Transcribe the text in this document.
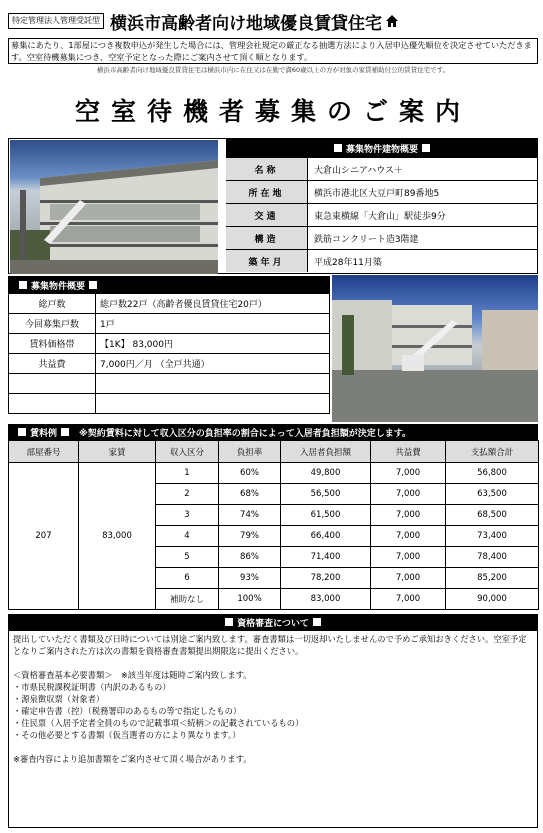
特定管理法人管理受託型 横浜市高齢者向け地域優良賃貸住宅
募集にあたり、1部屋につき複数申込が発生した場合には、管理会社規定の厳正なる抽選方法により入居申込優先順位を決定させていただきます。空室待機募集につき、空室予定となった際にご案内させて頂く順となります。
横浜市高齢者向け地域優良賃貸住宅は横浜市内に在住又は在勤で満60歳以上の方が対象の家賃補助付公的賃貸住宅です。
空室待機者募集のご案内
募集物件建物概要
名称	大倉山シニアハウス＋
所在地	横浜市港北区大豆戸町89番地5
交通	東急東横線「大倉山」駅徒歩9分
構造	鉄筋コンクリート造3階建
築年月	平成28年11月築
募集物件概要
総戸数	総戸数22戸（高齢者優良賃貸住宅20戸）
今回募集戸数	1戸
賃料価格帯	【1K】 83,000円
共益費	7,000円／月 （全戸共通）
賃料例 ※契約賃料に対して収入区分の負担率の割合によって入居者負担額が決定します。
部屋番号	家賃	収入区分	負担率	入居者負担額	共益費	支払額合計
207	83,000	1	60%	49,800	7,000	56,800
		2	68%	56,500	7,000	63,500
		3	74%	61,500	7,000	68,500
		4	79%	66,400	7,000	73,400
		5	86%	71,400	7,000	78,400
		6	93%	78,200	7,000	85,200
		補助なし	100%	83,000	7,000	90,000
資格審査について
提出していただく書類及び日時については別途ご案内致します。審査書類は一切返却いたしませんので予めご承知おきください。空室予定となりご案内された方は次の書類を資格審査書類提出期限迄に提出ください。

＜資格審査基本必要書類＞　※該当年度は随時ご案内致します。
・市県民税課税証明書（内訳のあるもの）
・源泉徴収票（対象者）
・確定申告書（控）（税務署印のあるもの等で指定したもの）
・住民票（入居予定者全員のもので記載事項＜続柄＞の記載されているもの）
・その他必要とする書類（仮当選者の方により異なります。）

※審査内容により追加書類をご案内させて頂く場合があります。
